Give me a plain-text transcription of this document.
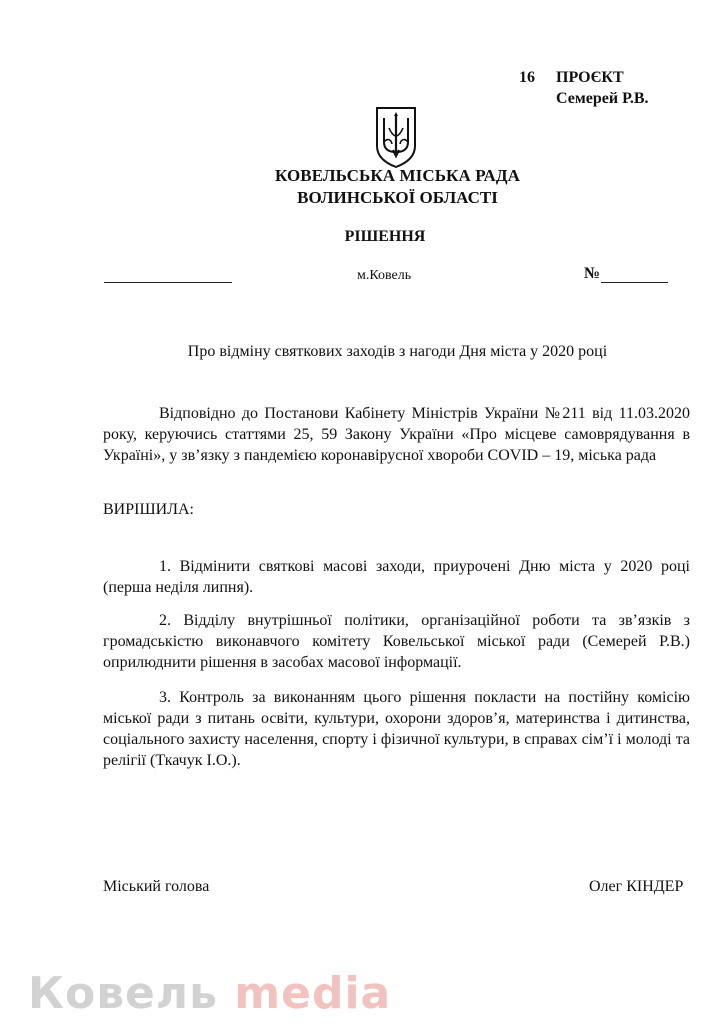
16 ПРОЄКТ
Семерей Р.В.
КОВЕЛЬСЬКА МІСЬКА РАДА
ВОЛИНСЬКОЇ ОБЛАСТІ
РІШЕННЯ
м.Ковель	№
Про відміну святкових заходів з нагоди Дня міста у 2020 році

Відповідно до Постанови Кабінету Міністрів України №211 від 11.03.2020 року, керуючись статтями 25, 59 Закону України «Про місцеве самоврядування в Україні», у зв’язку з пандемією коронавірусної хвороби COVID – 19, міська рада

ВИРІШИЛА:

1. Відмінити святкові масові заходи, приурочені Дню міста у 2020 році (перша неділя липня).

2. Відділу внутрішньої політики, організаційної роботи та зв’язків з громадськістю виконавчого комітету Ковельської міської ради (Семерей Р.В.) оприлюднити рішення в засобах масової інформації.

3. Контроль за виконанням цього рішення покласти на постійну комісію міської ради з питань освіти, культури, охорони здоров’я, материнства і дитинства, соціального захисту населення, спорту і фізичної культури, в справах сім’ї і молоді та релігії (Ткачук І.О.).

Міський голова	Олег КІНДЕР
Ковель media
